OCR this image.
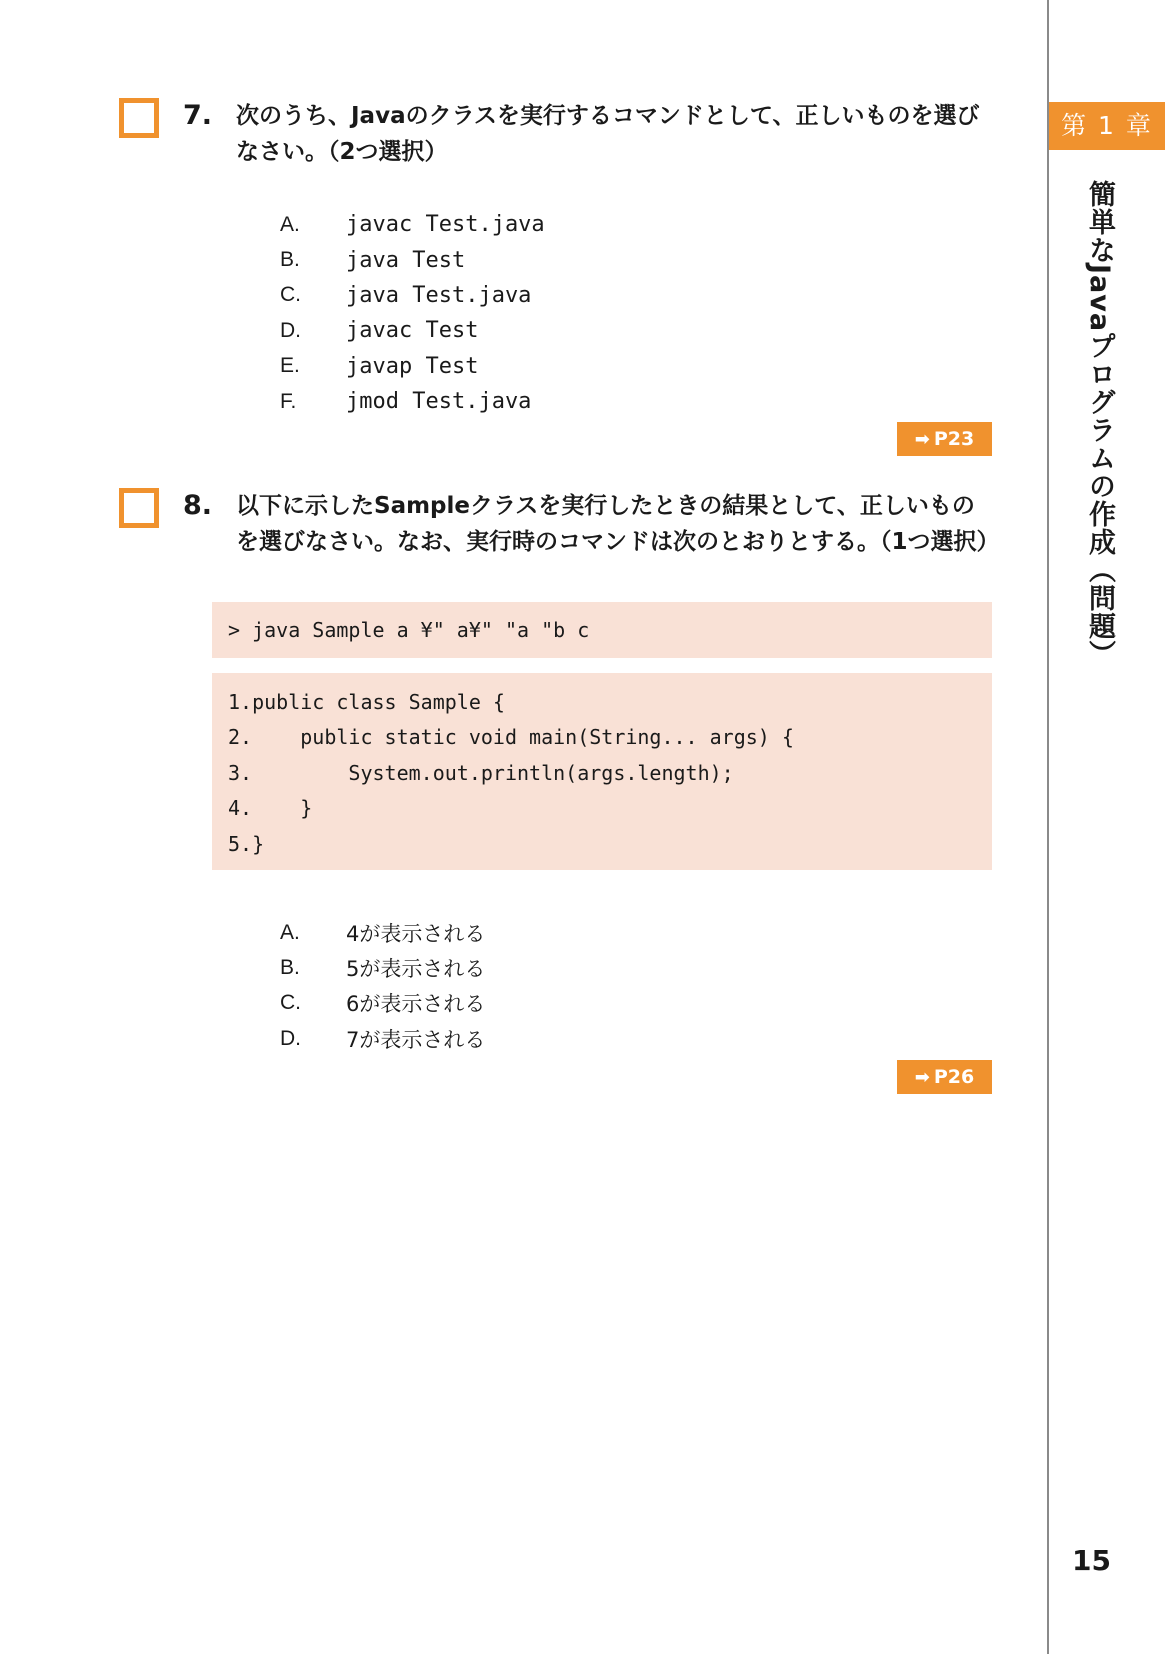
第 1 章
簡単なJavaプログラムの作成（問題）
15
7. 次のうち、Javaのクラスを実行するコマンドとして、正しいものを選びなさい。（2つ選択）
A.	javac Test.java
B.	java Test
C.	java Test.java
D.	javac Test
E.	javap Test
F.	jmod Test.java
➡ P23
8. 以下に示したSampleクラスを実行したときの結果として、正しいものを選びなさい。なお、実行時のコマンドは次のとおりとする。（1つ選択）
> java Sample a ¥" a¥" "a "b c
1.public class Sample {
2.    public static void main(String... args) {
3.        System.out.println(args.length);
4.    }
5.}
A.	4が表示される
B.	5が表示される
C.	6が表示される
D.	7が表示される
➡ P26
